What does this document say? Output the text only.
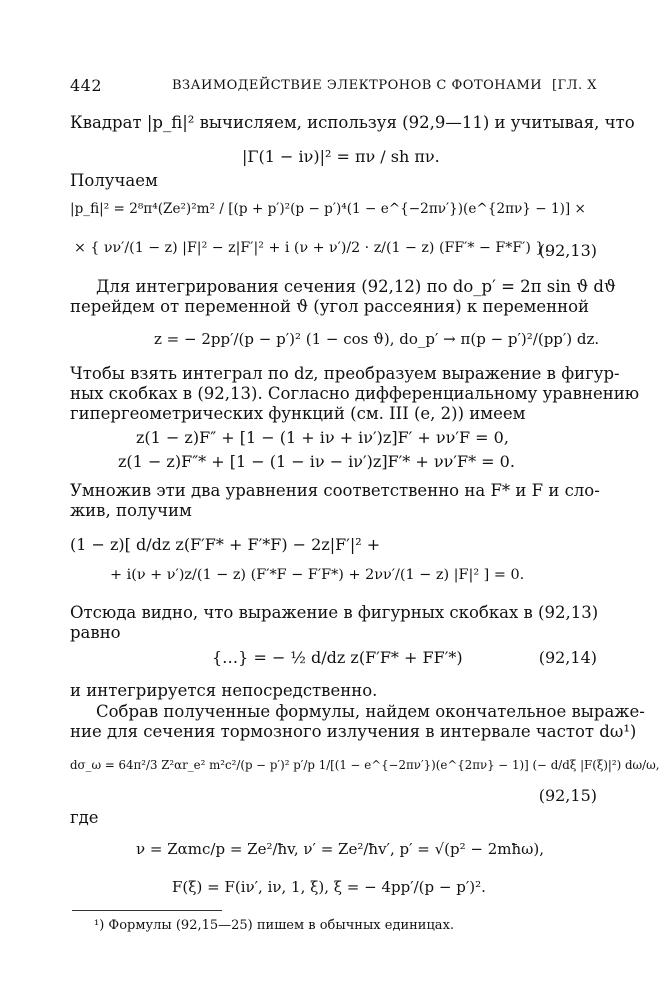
442	ВЗАИМОДЕЙСТВИЕ ЭЛЕКТРОНОВ С ФОТОНАМИ [ГЛ. X
Квадрат |p_fi|² вычисляем, используя (92,9—11) и учитывая, что
|Γ(1 − iν)|² = πν / sh πν.
Получаем
|p_fi|² = 2⁸π⁴(Ze²)²m² / [(p + p′)²(p − p′)⁴(1 − e^{−2πν′})(e^{2πν} − 1)] ×
× { νν′/(1 − z) |F|² − z|F′|² + i (ν + ν′)/2 · z/(1 − z) (FF′* − F*F′) }.
(92,13)
Для интегрирования сечения (92,12) по do_p′ = 2π sin ϑ dϑ
перейдем от переменной ϑ (угол рассеяния) к переменной
z = − 2pp′/(p − p′)² (1 − cos ϑ), do_p′ → π(p − p′)²/(pp′) dz.
Чтобы взять интеграл по dz, преобразуем выражение в фигур-
ных скобках в (92,13). Согласно дифференциальному уравнению
гипергеометрических функций (см. III (е, 2)) имеем
z(1 − z)F″ + [1 − (1 + iν + iν′)z]F′ + νν′F = 0,
z(1 − z)F″* + [1 − (1 − iν − iν′)z]F′* + νν′F* = 0.
Умножив эти два уравнения соответственно на F* и F и сло-
жив, получим
(1 − z)[ d/dz z(F′F* + F′*F) − 2z|F′|² +
+ i(ν + ν′)z/(1 − z) (F′*F − F′F*) + 2νν′/(1 − z) |F|² ] = 0.
Отсюда видно, что выражение в фигурных скобках в (92,13)
равно
{…} = − ½ d/dz z(F′F* + FF′*)	(92,14)
и интегрируется непосредственно.
Собрав полученные формулы, найдем окончательное выраже-
ние для сечения тормозного излучения в интервале частот dω¹)
dσ_ω = 64π²/3 Z²αr_e² m²c²/(p − p′)² p′/p 1/[(1 − e^{−2πν′})(e^{2πν} − 1)] (− d/dξ |F(ξ)|²) dω/ω,
(92,15)
где
ν = Zαmc/p = Ze²/ħv, ν′ = Ze²/ħv′, p′ = √(p² − 2mħω),
F(ξ) = F(iν′, iν, 1, ξ), ξ = − 4pp′/(p − p′)².
¹) Формулы (92,15—25) пишем в обычных единицах.
